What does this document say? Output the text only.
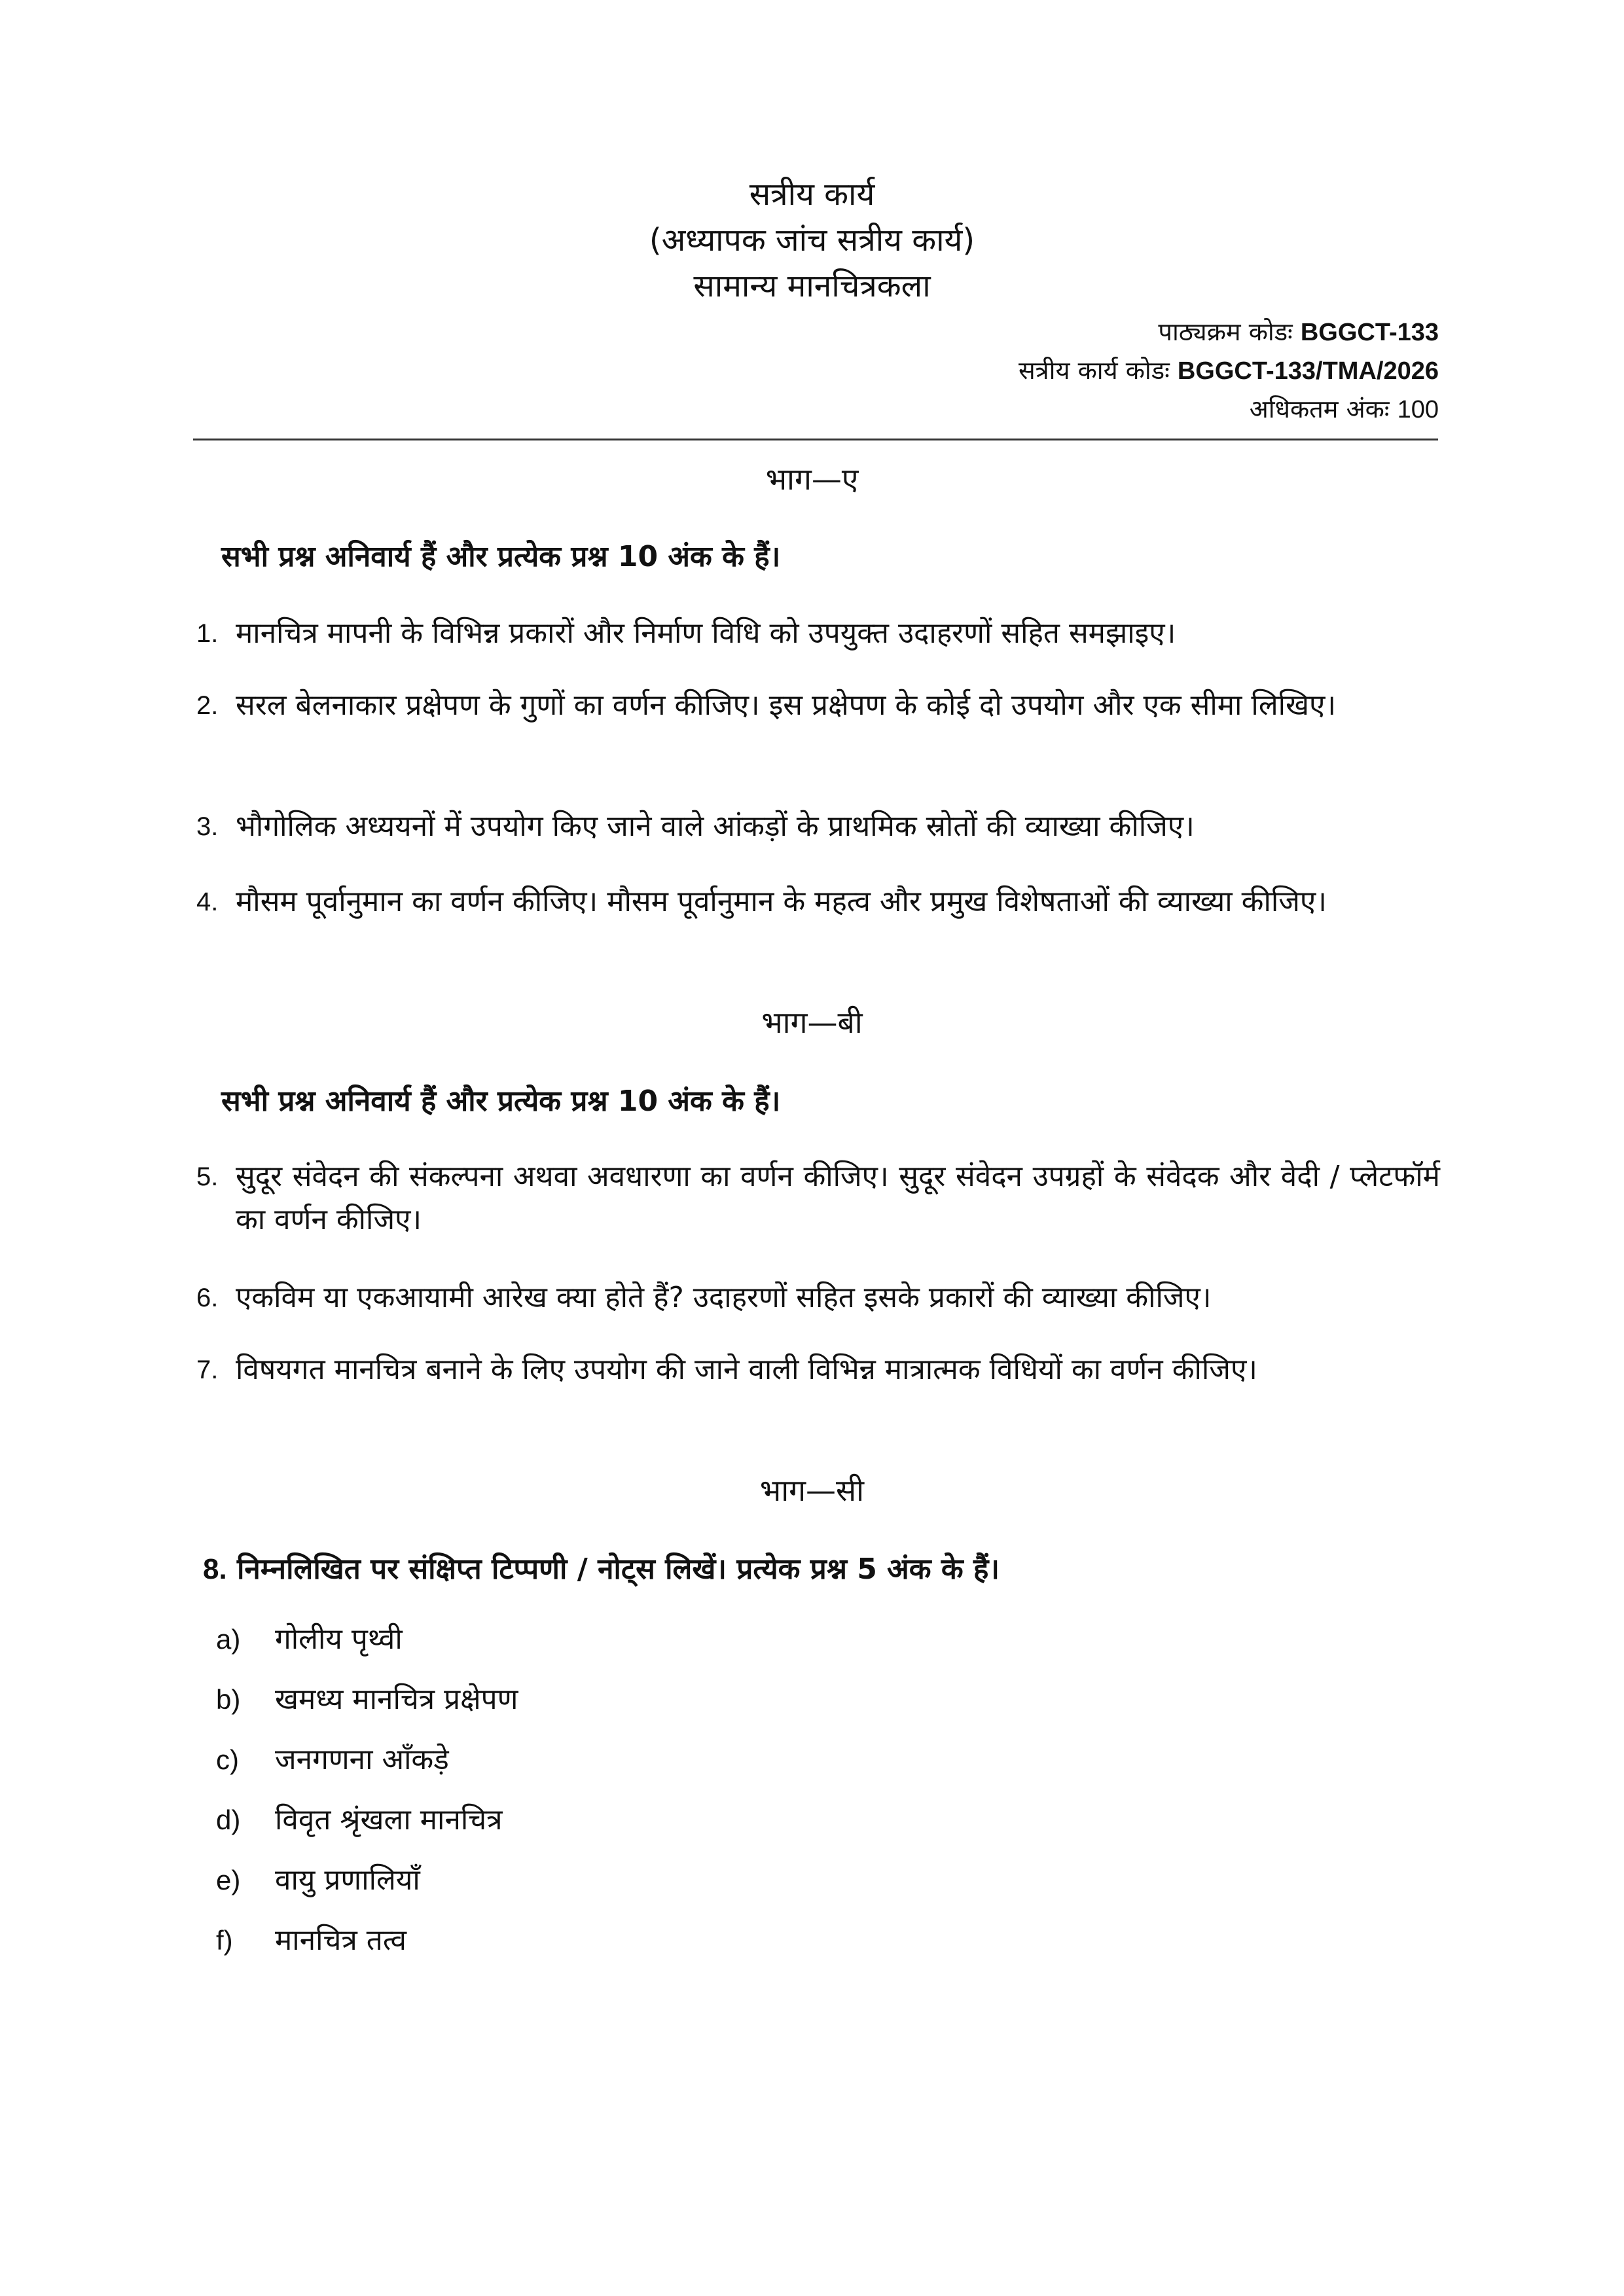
सत्रीय कार्य

(अध्यापक जांच सत्रीय कार्य)

सामान्य मानचित्रकला

पाठ्यक्रम कोडः BGGCT-133
सत्रीय कार्य कोडः BGGCT-133/TMA/2026
अधिकतम अंकः 100
भाग—ए

सभी प्रश्न अनिवार्य हैं और प्रत्येक प्रश्न 10 अंक के हैं।

1. मानचित्र मापनी के विभिन्न प्रकारों और निर्माण विधि को उपयुक्त उदाहरणों सहित समझाइए।
2. सरल बेलनाकार प्रक्षेपण के गुणों का वर्णन कीजिए। इस प्रक्षेपण के कोई दो उपयोग और एक सीमा लिखिए।
3. भौगोलिक अध्ययनों में उपयोग किए जाने वाले आंकड़ों के प्राथमिक स्रोतों की व्याख्या कीजिए।
4. मौसम पूर्वानुमान का वर्णन कीजिए। मौसम पूर्वानुमान के महत्व और प्रमुख विशेषताओं की व्याख्या कीजिए।
भाग—बी

सभी प्रश्न अनिवार्य हैं और प्रत्येक प्रश्न 10 अंक के हैं।

5. सुदूर संवेदन की संकल्पना अथवा अवधारणा का वर्णन कीजिए। सुदूर संवेदन उपग्रहों के संवेदक और वेदी / प्लेटफॉर्म का वर्णन कीजिए।
6. एकविम या एकआयामी आरेख क्या होते हैं? उदाहरणों सहित इसके प्रकारों की व्याख्या कीजिए।
7. विषयगत मानचित्र बनाने के लिए उपयोग की जाने वाली विभिन्न मात्रात्मक विधियों का वर्णन कीजिए।
भाग—सी

8. निम्नलिखित पर संक्षिप्त टिप्पणी / नोट्स लिखें। प्रत्येक प्रश्न 5 अंक के हैं।

a) गोलीय पृथ्वी
b) खमध्य मानचित्र प्रक्षेपण
c) जनगणना आँकड़े
d) विवृत श्रृंखला मानचित्र
e) वायु प्रणालियाँ
f) मानचित्र तत्व
